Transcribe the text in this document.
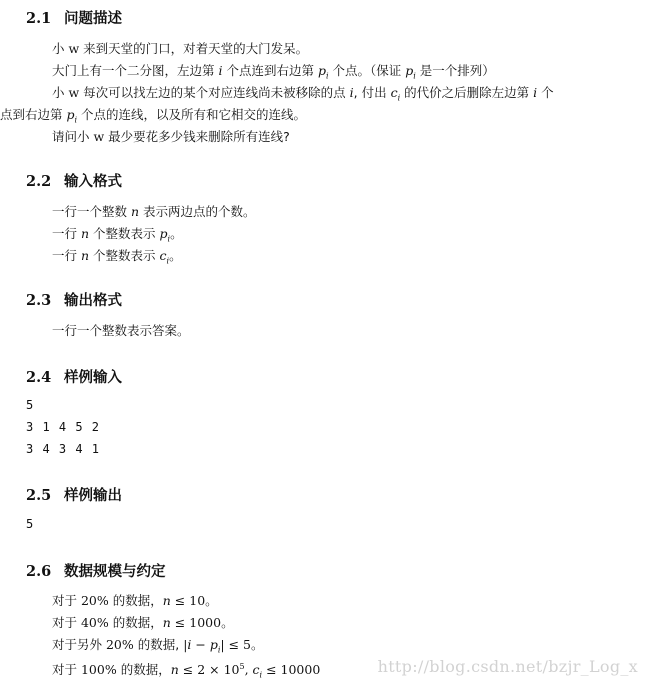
2.1 问题描述

小 w 来到天堂的门口，对着天堂的大门发呆。

大门上有一个二分图，左边第 i 个点连到右边第 $p_i$ 个点。（保证 $p_i$ 是一个排列）

小 w 每次可以找左边的某个对应连线尚未被移除的点 i, 付出 $c_i$ 的代价之后删除左边第 i 个

点到右边第 $p_i$ 个点的连线，以及所有和它相交的连线。

请问小 w 最少要花多少钱来删除所有连线?

2.2 输入格式

一行一个整数 n 表示两边点的个数。

一行 n 个整数表示 $p_i$。

一行 n 个整数表示 $c_i$。

2.3 输出格式

一行一个整数表示答案。

2.4 样例输入
5
3 1 4 5 2
3 4 3 4 1
2.5 样例输出
5
2.6 数据规模与约定

对于 20% 的数据，n ≤ 10。

对于 40% 的数据，n ≤ 1000。

对于另外 20% 的数据, $|i - p_i| \le 5$。

对于 100% 的数据，$n \le 2 \times 10^5$, $c_i \le 10000$	http://blog.csdn.net/bzjr_Log_x
